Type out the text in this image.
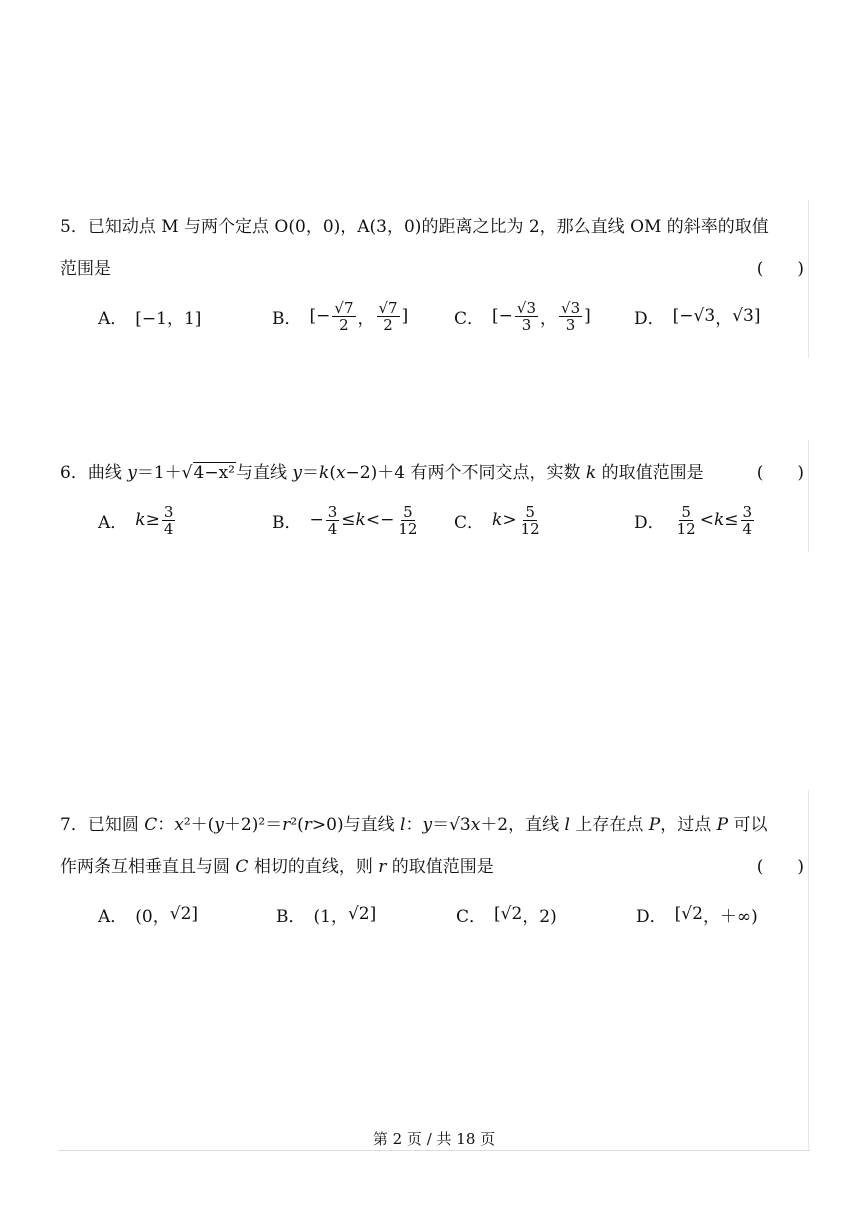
5．已知动点 M 与两个定点 O(0，0)，A(3，0)的距离之比为 2，那么直线 OM 的斜率的取值
范围是	(　　)
A． [−1，1]	B． [− $\frac{√7}{2}$ ， $\frac{√7}{2}$ ]	C． [− $\frac{√3}{3}$ ， $\frac{√3}{3}$ ]	D． [− √3 ， √3 ]
6．曲线 y＝1＋√4−x²与直线 y＝k(x−2)＋4 有两个不同交点，实数 k 的取值范围是	(　　)
A． $k \ge \frac{3}{4}$	B． − $\frac{3}{4} \le k <- \frac{5}{12}$ C． $k > \frac{5}{12}$	D． $\frac{5}{12} < k \le \frac{3}{4}$
7．已知圆 C：x²＋(y＋2)²＝r²(r>0)与直线 l：y＝√3x＋2，直线 l 上存在点 P，过点 P 可以
作两条互相垂直且与圆 C 相切的直线，则 r 的取值范围是	(　　)
A． (0， √2 ]	B． (1， √2 ]	C． [ √2 ，2)	D． [ √2 ，＋∞)
第 2 页 / 共 18 页
